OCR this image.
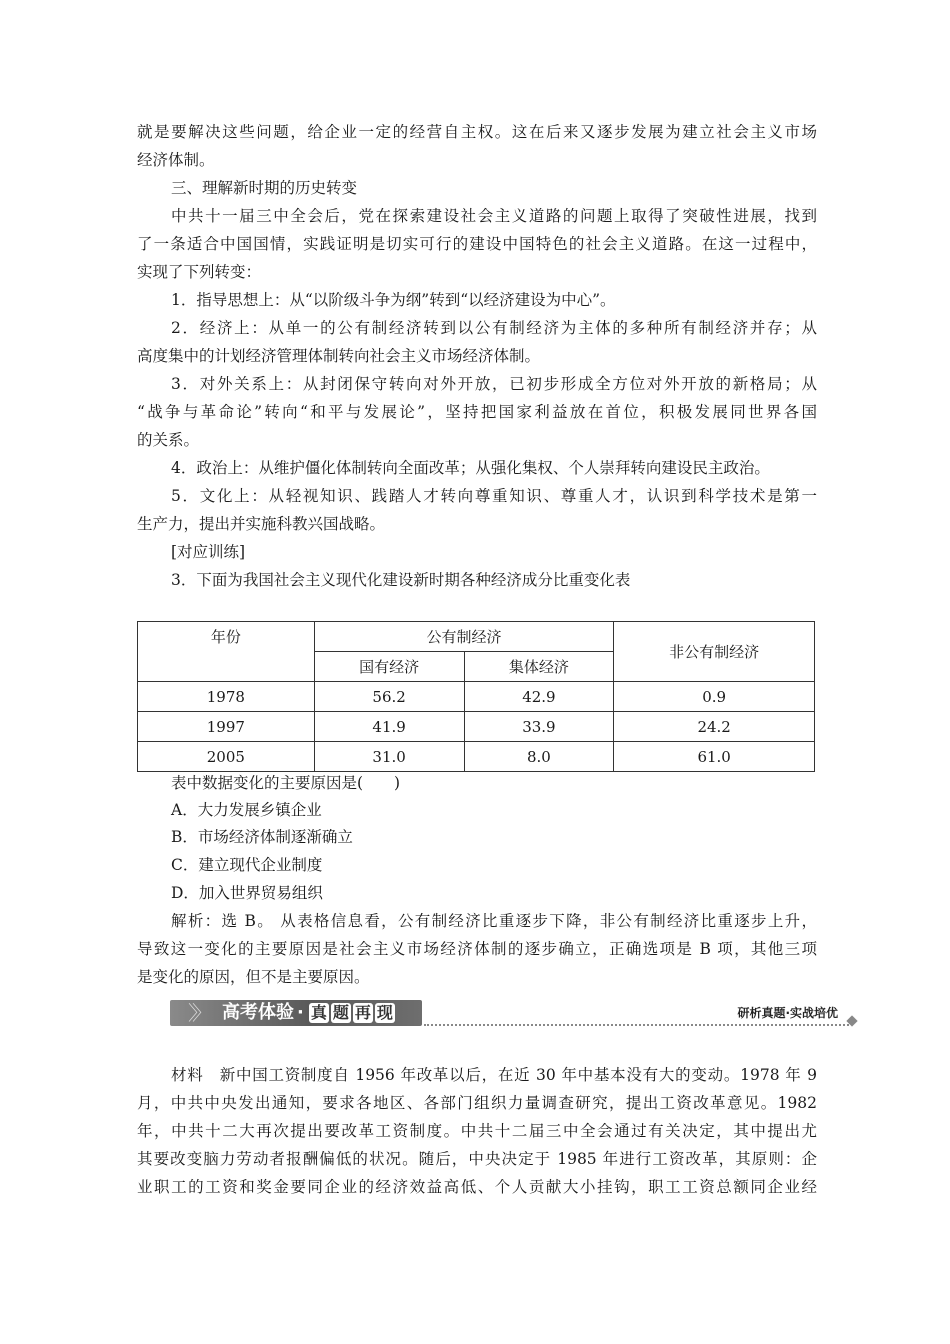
就是要解决这些问题，给企业一定的经营自主权。这在后来又逐步发展为建立社会主义市场

经济体制。

三、理解新时期的历史转变

中共十一届三中全会后，党在探索建设社会主义道路的问题上取得了突破性进展，找到

了一条适合中国国情，实践证明是切实可行的建设中国特色的社会主义道路。在这一过程中，

实现了下列转变：

1．指导思想上：从“以阶级斗争为纲”转到“以经济建设为中心”。

2．经济上：从单一的公有制经济转到以公有制经济为主体的多种所有制经济并存；从

高度集中的计划经济管理体制转向社会主义市场经济体制。

3．对外关系上：从封闭保守转向对外开放，已初步形成全方位对外开放的新格局；从

“战争与革命论”转向“和平与发展论”，坚持把国家利益放在首位，积极发展同世界各国

的关系。

4．政治上：从维护僵化体制转向全面改革；从强化集权、个人崇拜转向建设民主政治。

5．文化上：从轻视知识、践踏人才转向尊重知识、尊重人才，认识到科学技术是第一

生产力，提出并实施科教兴国战略。

[对应训练]

3．下面为我国社会主义现代化建设新时期各种经济成分比重变化表

年份	公有制经济		非公有制经济
	国有经济	集体经济	
1978	56.2	42.9	0.9
1997	41.9	33.9	24.2
2005	31.0	8.0	61.0

表中数据变化的主要原因是(　　)

A．大力发展乡镇企业

B．市场经济体制逐渐确立

C．建立现代企业制度

D．加入世界贸易组织

解析：选 B。 从表格信息看，公有制经济比重逐步下降，非公有制经济比重逐步上升，

导致这一变化的主要原因是社会主义市场经济体制的逐步确立，正确选项是 B 项，其他三项

是变化的原因，但不是主要原因。

〉〉 高考体验 · 真 题 再 现	研析真题·实战培优

材料　新中国工资制度自 1956 年改革以后，在近 30 年中基本没有大的变动。1978 年 9

月，中共中央发出通知，要求各地区、各部门组织力量调查研究，提出工资改革意见。1982

年，中共十二大再次提出要改革工资制度。中共十二届三中全会通过有关决定，其中提出尤

其要改变脑力劳动者报酬偏低的状况。随后，中央决定于 1985 年进行工资改革，其原则：企

业职工的工资和奖金要同企业的经济效益高低、个人贡献大小挂钩，职工工资总额同企业经
